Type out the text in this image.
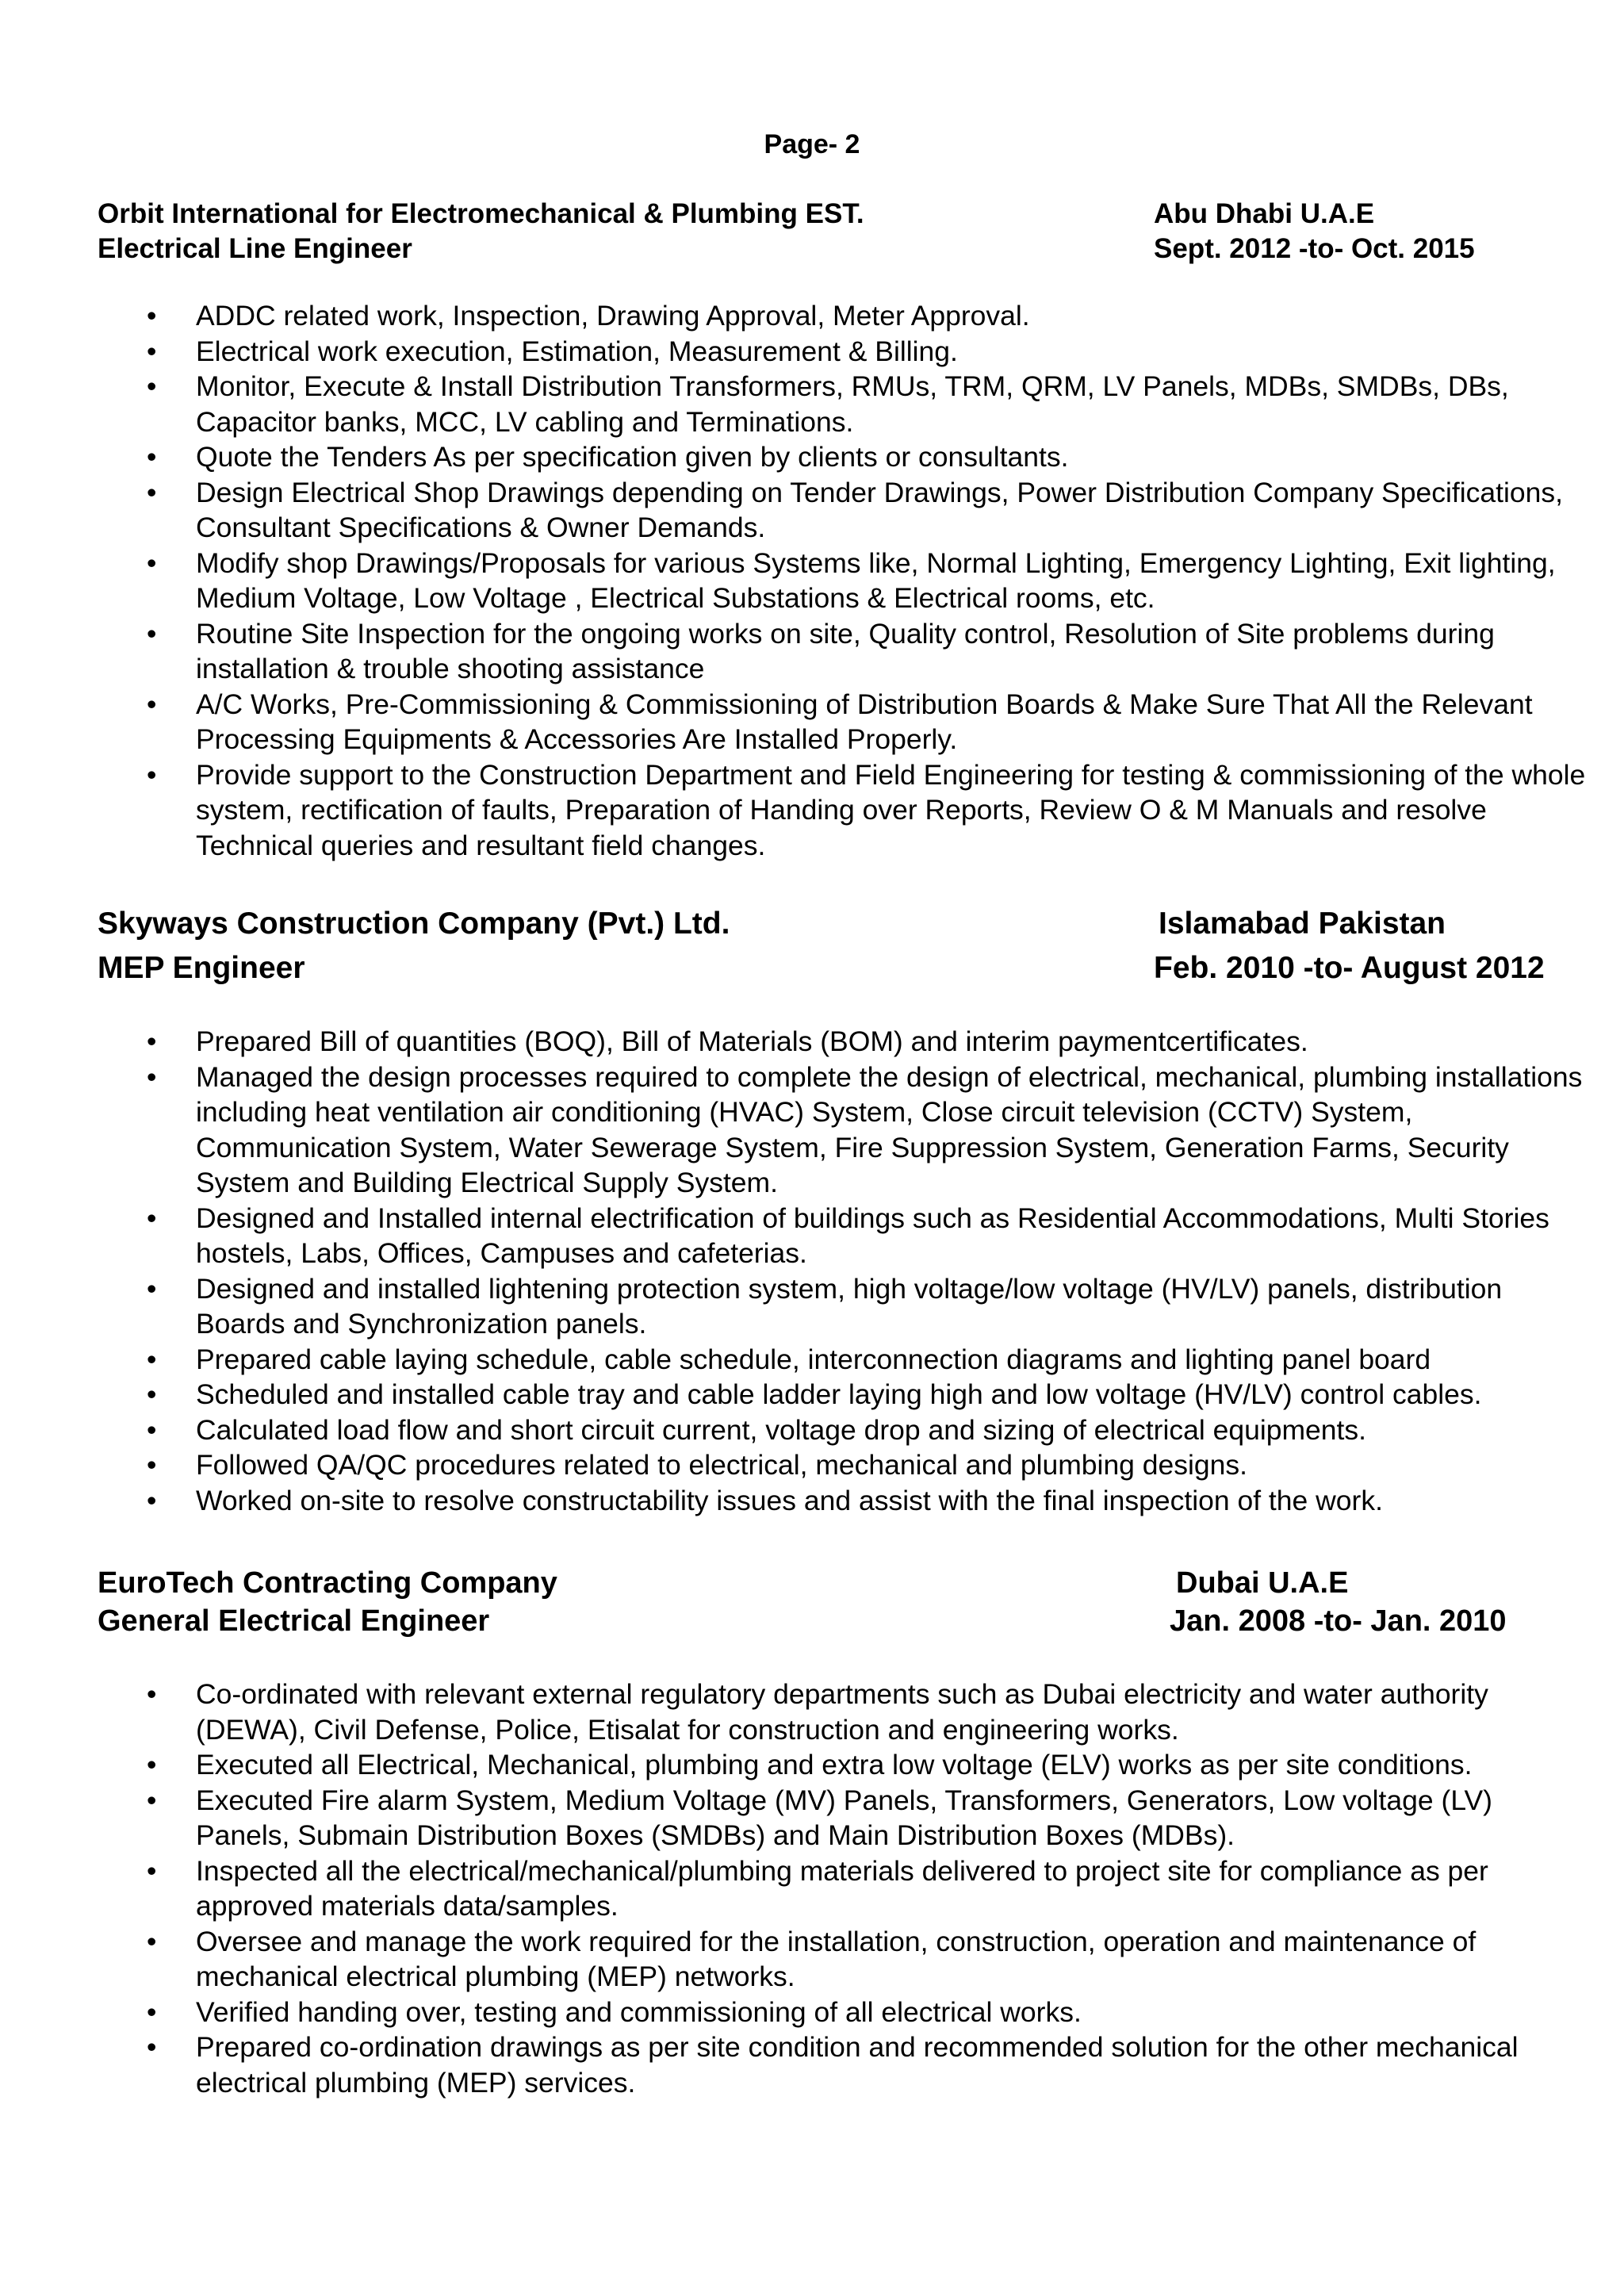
Page- 2
Orbit International for Electromechanical & Plumbing EST.	Abu Dhabi U.A.E
Electrical Line Engineer	Sept. 2012 -to- Oct. 2015
• ADDC related work, Inspection, Drawing Approval, Meter Approval.
• Electrical work execution, Estimation, Measurement & Billing.
• Monitor, Execute & Install Distribution Transformers, RMUs, TRM, QRM, LV Panels, MDBs, SMDBs, DBs, Capacitor banks, MCC, LV cabling and Terminations.
• Quote the Tenders As per specification given by clients or consultants.
• Design Electrical Shop Drawings depending on Tender Drawings, Power Distribution Company Specifications, Consultant Specifications & Owner Demands.
• Modify shop Drawings/Proposals for various Systems like, Normal Lighting, Emergency Lighting, Exit lighting, Medium Voltage, Low Voltage , Electrical Substations & Electrical rooms, etc.
• Routine Site Inspection for the ongoing works on site, Quality control, Resolution of Site problems during installation & trouble shooting assistance
• A/C Works, Pre-Commissioning & Commissioning of Distribution Boards & Make Sure That All the Relevant Processing Equipments & Accessories Are Installed Properly.
• Provide support to the Construction Department and Field Engineering for testing & commissioning of the whole system, rectification of faults, Preparation of Handing over Reports, Review O & M Manuals and resolve Technical queries and resultant field changes.
Skyways Construction Company (Pvt.) Ltd.	Islamabad Pakistan
MEP Engineer	Feb. 2010 -to- August 2012
• Prepared Bill of quantities (BOQ), Bill of Materials (BOM) and interim paymentcertificates.
• Managed the design processes required to complete the design of electrical, mechanical, plumbing installations including heat ventilation air conditioning (HVAC) System, Close circuit television (CCTV) System, Communication System, Water Sewerage System, Fire Suppression System, Generation Farms, Security System and Building Electrical Supply System.
• Designed and Installed internal electrification of buildings such as Residential Accommodations, Multi Stories hostels, Labs, Offices, Campuses and cafeterias.
• Designed and installed lightening protection system, high voltage/low voltage (HV/LV) panels, distribution Boards and Synchronization panels.
• Prepared cable laying schedule, cable schedule, interconnection diagrams and lighting panel board
• Scheduled and installed cable tray and cable ladder laying high and low voltage (HV/LV) control cables.
• Calculated load flow and short circuit current, voltage drop and sizing of electrical equipments.
• Followed QA/QC procedures related to electrical, mechanical and plumbing designs.
• Worked on-site to resolve constructability issues and assist with the final inspection of the work.
EuroTech Contracting Company	Dubai U.A.E
General Electrical Engineer	Jan. 2008 -to- Jan. 2010
• Co-ordinated with relevant external regulatory departments such as Dubai electricity and water authority (DEWA), Civil Defense, Police, Etisalat for construction and engineering works.
• Executed all Electrical, Mechanical, plumbing and extra low voltage (ELV) works as per site conditions.
• Executed Fire alarm System, Medium Voltage (MV) Panels, Transformers, Generators, Low voltage (LV) Panels, Submain Distribution Boxes (SMDBs) and Main Distribution Boxes (MDBs).
• Inspected all the electrical/mechanical/plumbing materials delivered to project site for compliance as per approved materials data/samples.
• Oversee and manage the work required for the installation, construction, operation and maintenance of mechanical electrical plumbing (MEP) networks.
• Verified handing over, testing and commissioning of all electrical works.
• Prepared co-ordination drawings as per site condition and recommended solution for the other mechanical electrical plumbing (MEP) services.
